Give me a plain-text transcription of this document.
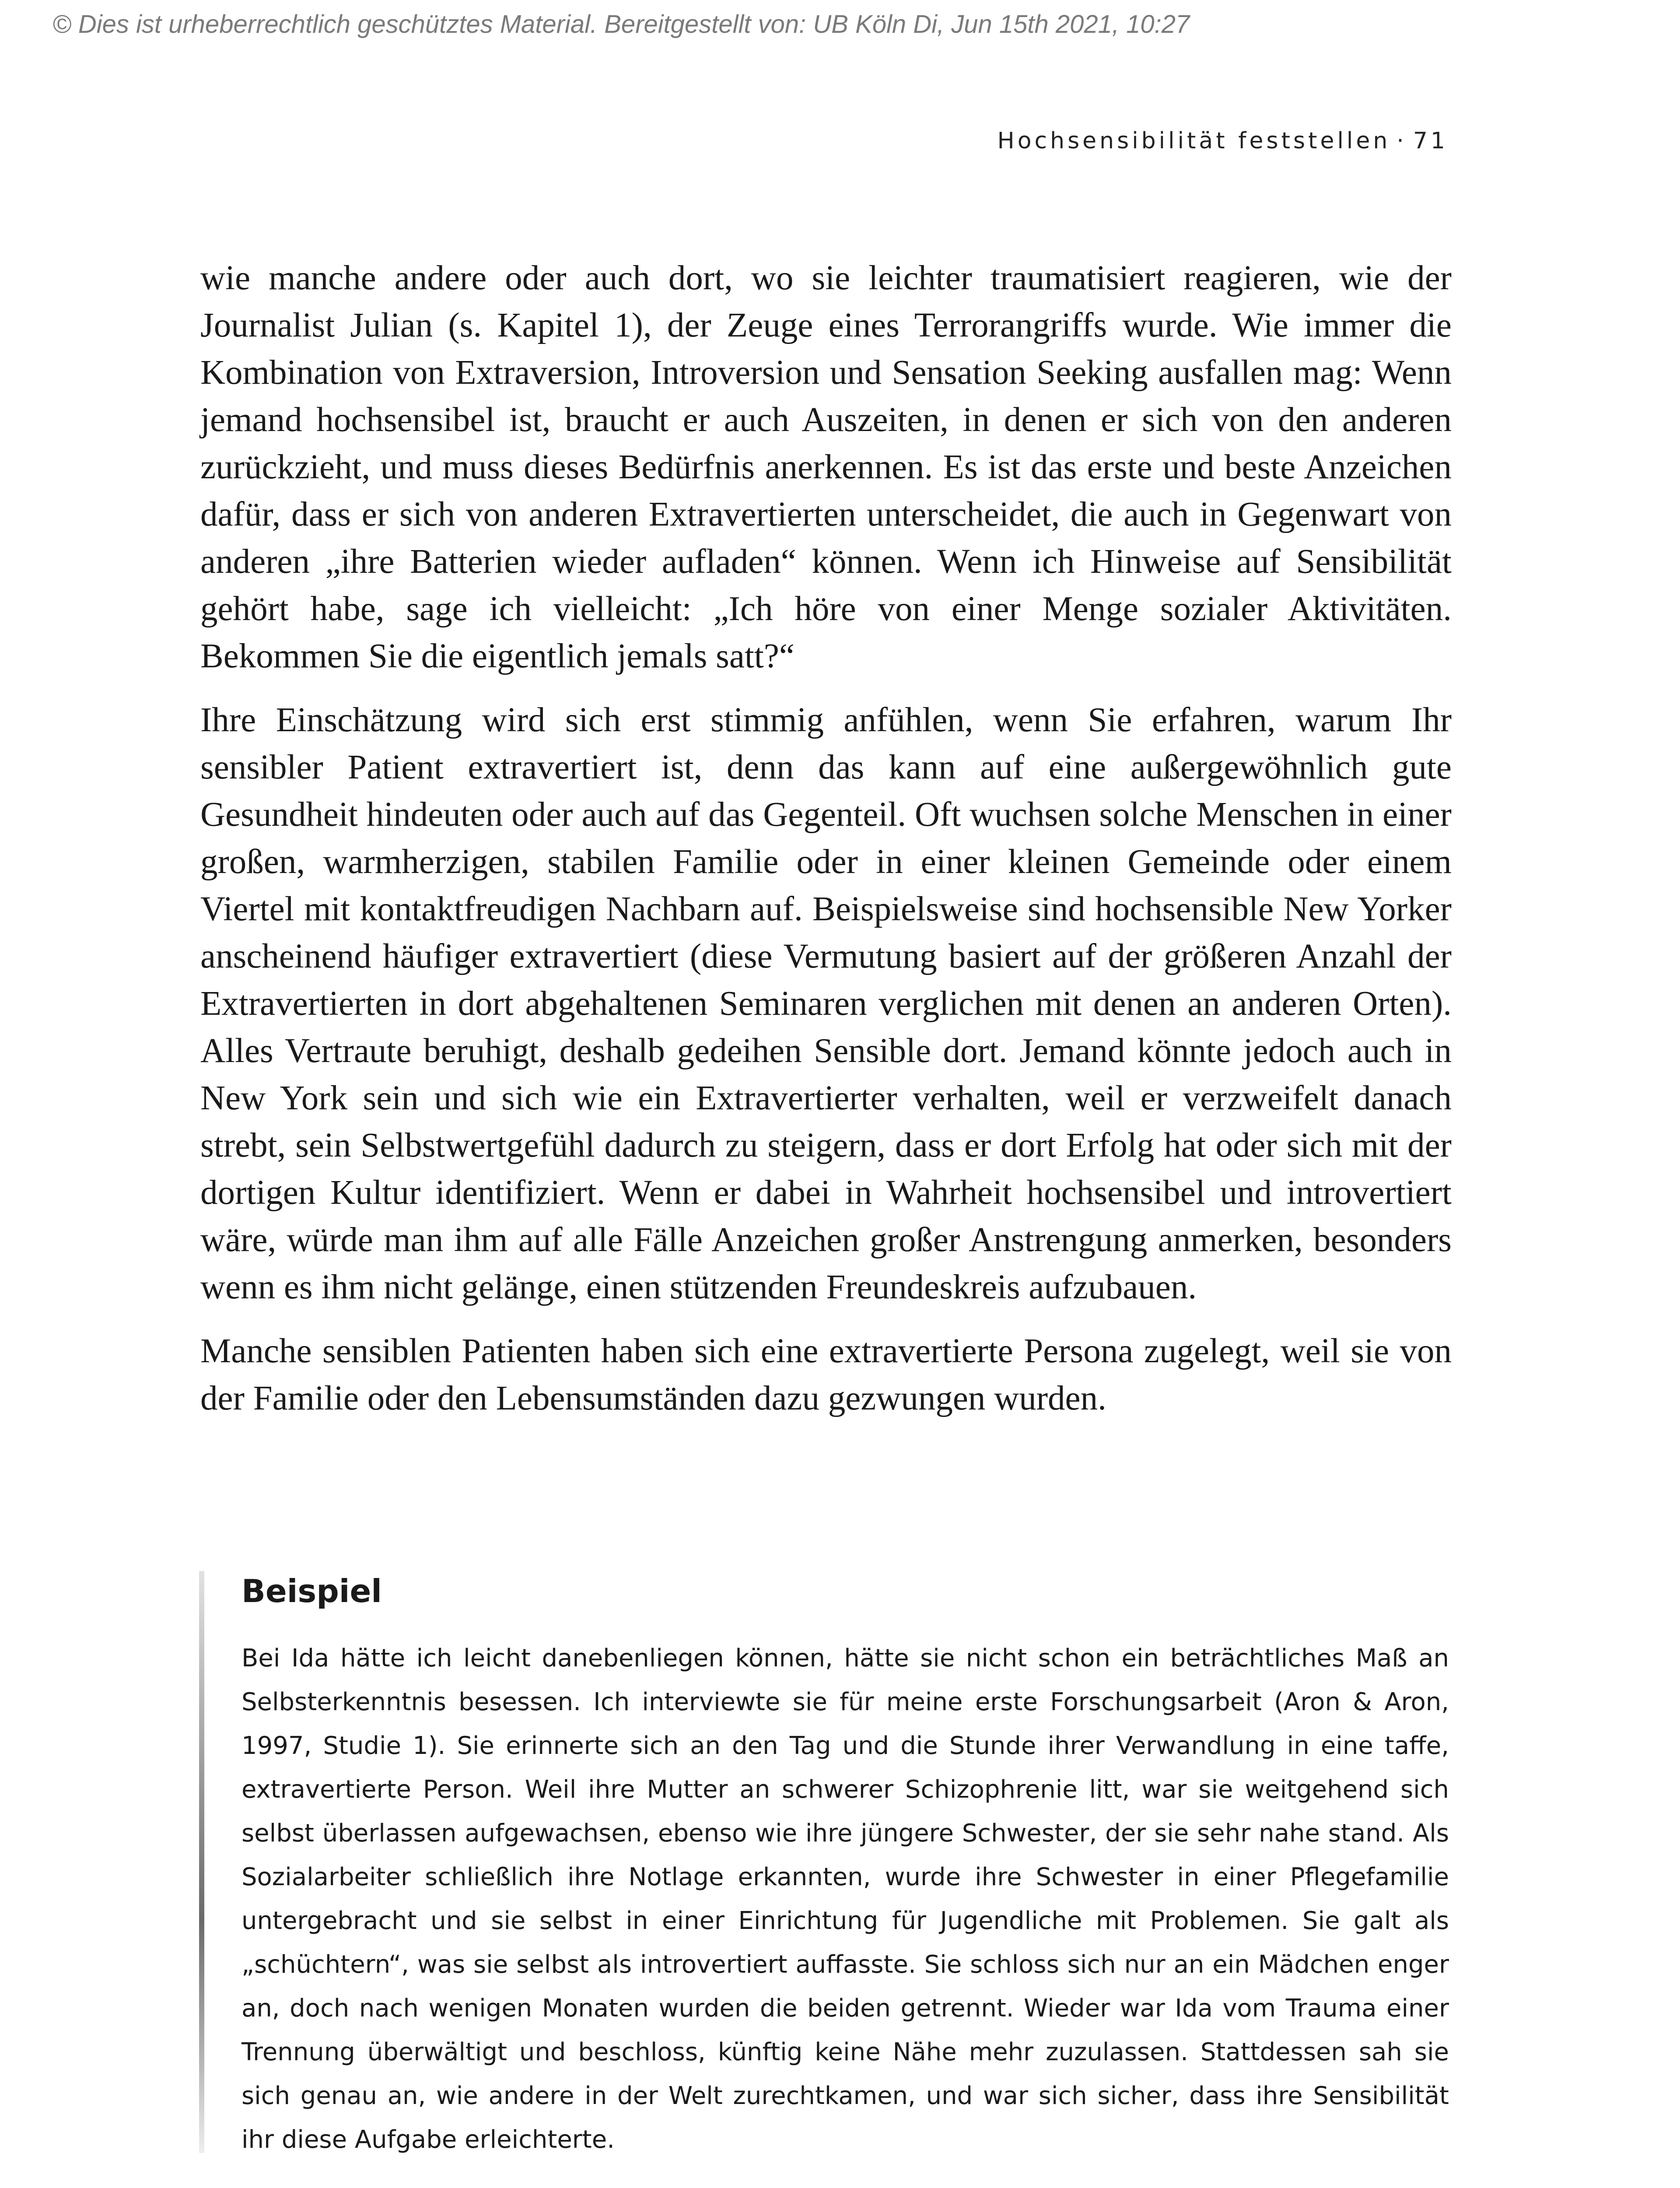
© Dies ist urheberrechtlich geschütztes Material. Bereitgestellt von: UB Köln Di, Jun 15th 2021, 10:27
Hochsensibilität feststellen · 71

wie manche andere oder auch dort, wo sie leichter traumatisiert reagieren, wie der Journalist Julian (s. Kapitel 1), der Zeuge eines Terrorangriffs wurde. Wie immer die Kombination von Extraversion, Introversion und Sensation Seeking ausfallen mag: Wenn jemand hochsensibel ist, braucht er auch Auszeiten, in denen er sich von den anderen zurückzieht, und muss dieses Bedürfnis anerkennen. Es ist das erste und beste Anzeichen dafür, dass er sich von anderen Extravertierten unterscheidet, die auch in Gegenwart von anderen „ihre Batterien wieder aufladen“ können. Wenn ich Hinweise auf Sensibilität gehört habe, sage ich vielleicht: „Ich höre von einer Menge sozialer Aktivitäten. Bekommen Sie die eigentlich jemals satt?“

Ihre Einschätzung wird sich erst stimmig anfühlen, wenn Sie erfahren, warum Ihr sensibler Patient extravertiert ist, denn das kann auf eine außergewöhnlich gute Gesundheit hindeuten oder auch auf das Gegenteil. Oft wuchsen solche Menschen in einer großen, warmherzigen, stabilen Familie oder in einer kleinen Gemeinde oder einem Viertel mit kontaktfreudigen Nachbarn auf. Beispielsweise sind hochsensible New Yorker anscheinend häufiger extravertiert (diese Vermutung basiert auf der größeren Anzahl der Extravertierten in dort abgehaltenen Seminaren verglichen mit denen an anderen Orten). Alles Vertraute beruhigt, deshalb gedeihen Sensible dort. Jemand könnte jedoch auch in New York sein und sich wie ein Extravertierter verhalten, weil er verzweifelt danach strebt, sein Selbstwertgefühl dadurch zu steigern, dass er dort Erfolg hat oder sich mit der dortigen Kultur identifiziert. Wenn er dabei in Wahrheit hochsensibel und introvertiert wäre, würde man ihm auf alle Fälle Anzeichen großer Anstrengung anmerken, besonders wenn es ihm nicht gelänge, einen stützenden Freundeskreis aufzubauen.

Manche sensiblen Patienten haben sich eine extravertierte Persona zugelegt, weil sie von der Familie oder den Lebensumständen dazu gezwungen wurden.

Beispiel

Bei Ida hätte ich leicht danebenliegen können, hätte sie nicht schon ein beträchtliches Maß an Selbsterkenntnis besessen. Ich interviewte sie für meine erste Forschungsarbeit (Aron & Aron, 1997, Studie 1). Sie erinnerte sich an den Tag und die Stunde ihrer Verwandlung in eine taffe, extravertierte Person. Weil ihre Mutter an schwerer Schizophrenie litt, war sie weitgehend sich selbst überlassen aufgewachsen, ebenso wie ihre jüngere Schwester, der sie sehr nahe stand. Als Sozialarbeiter schließlich ihre Notlage erkannten, wurde ihre Schwester in einer Pflegefamilie untergebracht und sie selbst in einer Einrichtung für Jugendliche mit Problemen. Sie galt als „schüchtern“, was sie selbst als introvertiert auffasste. Sie schloss sich nur an ein Mädchen enger an, doch nach wenigen Monaten wurden die beiden getrennt. Wieder war Ida vom Trauma einer Trennung überwältigt und beschloss, künftig keine Nähe mehr zuzulassen. Stattdessen sah sie sich genau an, wie andere in der Welt zurechtkamen, und war sich sicher, dass ihre Sensibilität ihr diese Aufgabe erleichterte.
